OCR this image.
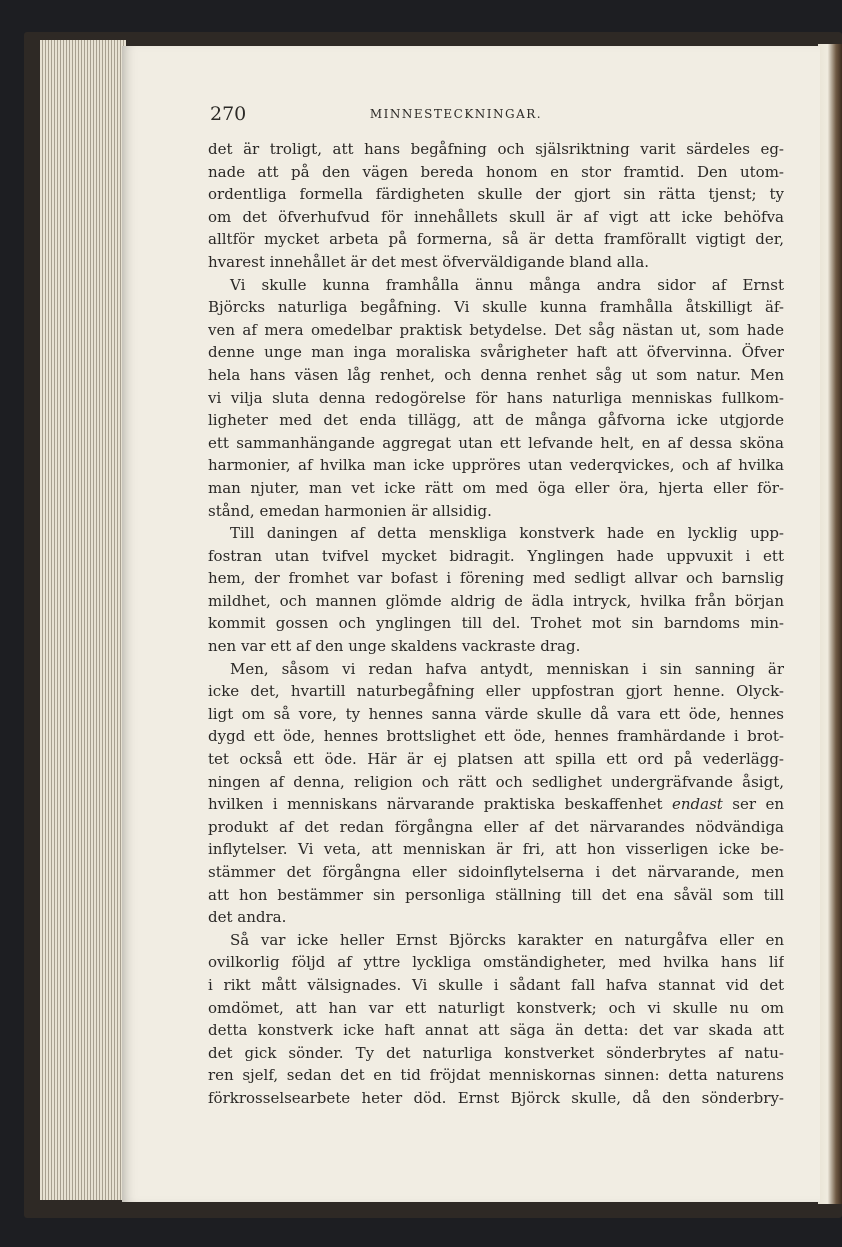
270	MINNESTECKNINGAR.
det är troligt, att hans begåfning och själsriktning varit särdeles eg-
nade att på den vägen bereda honom en stor framtid. Den utom-
ordentliga formella färdigheten skulle der gjort sin rätta tjenst; ty
om det öfverhufvud för innehållets skull är af vigt att icke behöfva
alltför mycket arbeta på formerna, så är detta framförallt vigtigt der,
hvarest innehållet är det mest öfverväldigande bland alla.
Vi skulle kunna framhålla ännu många andra sidor af Ernst
Björcks naturliga begåfning. Vi skulle kunna framhålla åtskilligt äf-
ven af mera omedelbar praktisk betydelse. Det såg nästan ut, som hade
denne unge man inga moraliska svårigheter haft att öfvervinna. Öfver
hela hans väsen låg renhet, och denna renhet såg ut som natur. Men
vi vilja sluta denna redogörelse för hans naturliga menniskas fullkom-
ligheter med det enda tillägg, att de många gåfvorna icke utgjorde
ett sammanhängande aggregat utan ett lefvande helt, en af dessa sköna
harmonier, af hvilka man icke uppröres utan vederqvickes, och af hvilka
man njuter, man vet icke rätt om med öga eller öra, hjerta eller för-
stånd, emedan harmonien är allsidig.
Till daningen af detta menskliga konstverk hade en lycklig upp-
fostran utan tvifvel mycket bidragit. Ynglingen hade uppvuxit i ett
hem, der fromhet var bofast i förening med sedligt allvar och barnslig
mildhet, och mannen glömde aldrig de ädla intryck, hvilka från början
kommit gossen och ynglingen till del. Trohet mot sin barndoms min-
nen var ett af den unge skaldens vackraste drag.
Men, såsom vi redan hafva antydt, menniskan i sin sanning är
icke det, hvartill naturbegåfning eller uppfostran gjort henne. Olyck-
ligt om så vore, ty hennes sanna värde skulle då vara ett öde, hennes
dygd ett öde, hennes brottslighet ett öde, hennes framhärdande i brot-
tet också ett öde. Här är ej platsen att spilla ett ord på vederlägg-
ningen af denna, religion och rätt och sedlighet undergräfvande åsigt,
hvilken i menniskans närvarande praktiska beskaffenhet endast ser en
produkt af det redan förgångna eller af det närvarandes nödvändiga
inflytelser. Vi veta, att menniskan är fri, att hon visserligen icke be-
stämmer det förgångna eller sidoinflytelserna i det närvarande, men
att hon bestämmer sin personliga ställning till det ena såväl som till
det andra.
Så var icke heller Ernst Björcks karakter en naturgåfva eller en
ovilkorlig följd af yttre lyckliga omständigheter, med hvilka hans lif
i rikt mått välsignades. Vi skulle i sådant fall hafva stannat vid det
omdömet, att han var ett naturligt konstverk; och vi skulle nu om
detta konstverk icke haft annat att säga än detta: det var skada att
det gick sönder. Ty det naturliga konstverket sönderbrytes af natu-
ren sjelf, sedan det en tid fröjdat menniskornas sinnen: detta naturens
förkrosselsearbete heter död. Ernst Björck skulle, då den sönderbry-
